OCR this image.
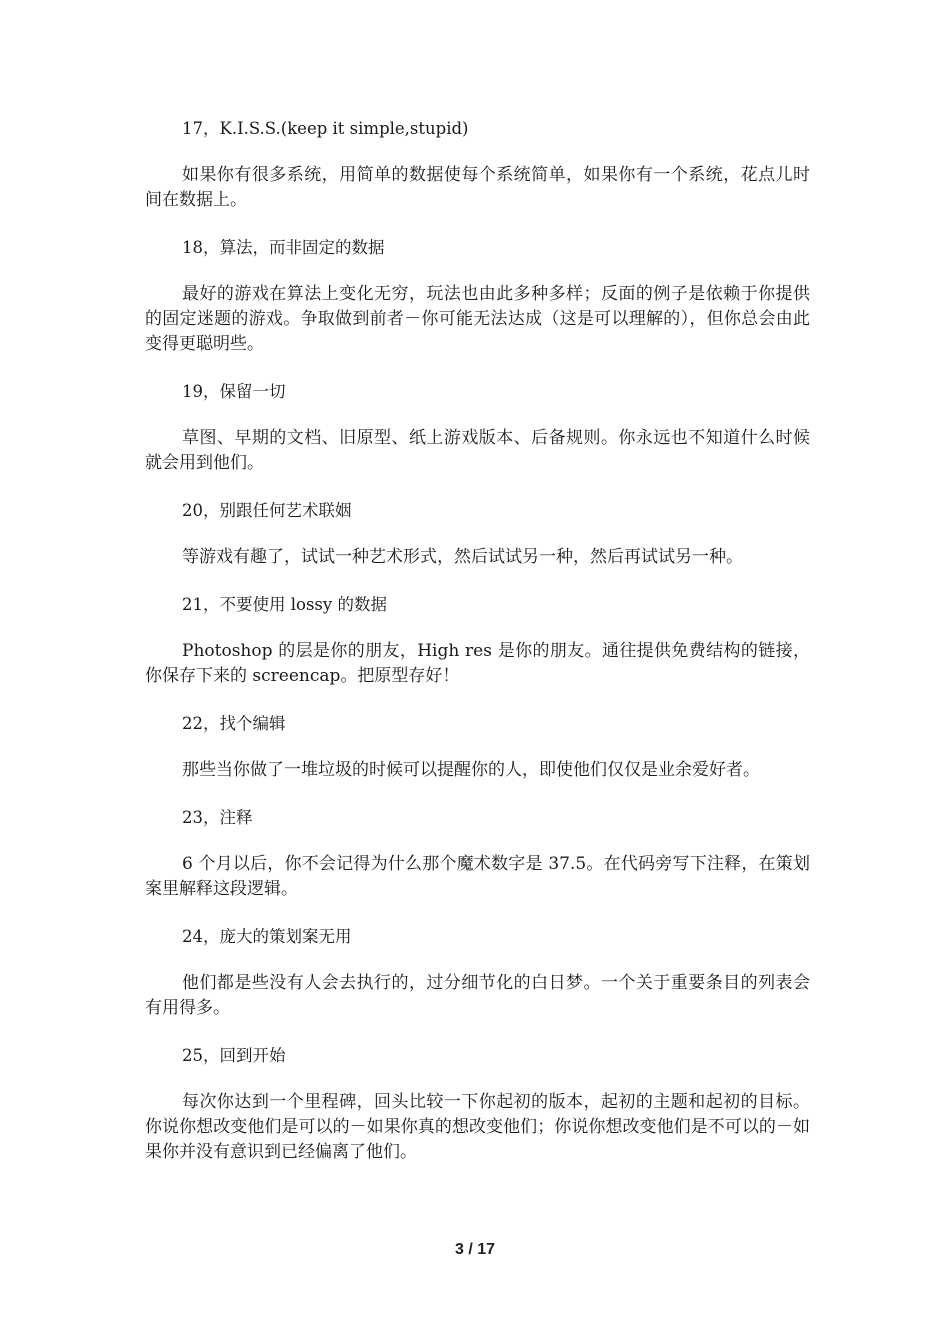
17，K.I.S.S.(keep it simple,stupid)

如果你有很多系统，用简单的数据使每个系统简单，如果你有一个系统，花点儿时间在数据上。

18，算法，而非固定的数据

最好的游戏在算法上变化无穷，玩法也由此多种多样；反面的例子是依赖于你提供的固定迷题的游戏。争取做到前者－你可能无法达成（这是可以理解的），但你总会由此变得更聪明些。

19，保留一切

草图、早期的文档、旧原型、纸上游戏版本、后备规则。你永远也不知道什么时候就会用到他们。

20，别跟任何艺术联姻

等游戏有趣了，试试一种艺术形式，然后试试另一种，然后再试试另一种。

21，不要使用 lossy 的数据

Photoshop 的层是你的朋友，High res 是你的朋友。通往提供免费结构的链接，你保存下来的 screencap。把原型存好！

22，找个编辑

那些当你做了一堆垃圾的时候可以提醒你的人，即使他们仅仅是业余爱好者。

23，注释

6 个月以后，你不会记得为什么那个魔术数字是 37.5。在代码旁写下注释，在策划案里解释这段逻辑。

24，庞大的策划案无用

他们都是些没有人会去执行的，过分细节化的白日梦。一个关于重要条目的列表会有用得多。

25，回到开始

每次你达到一个里程碑，回头比较一下你起初的版本，起初的主题和起初的目标。你说你想改变他们是可以的－如果你真的想改变他们；你说你想改变他们是不可以的－如果你并没有意识到已经偏离了他们。

3 / 17
